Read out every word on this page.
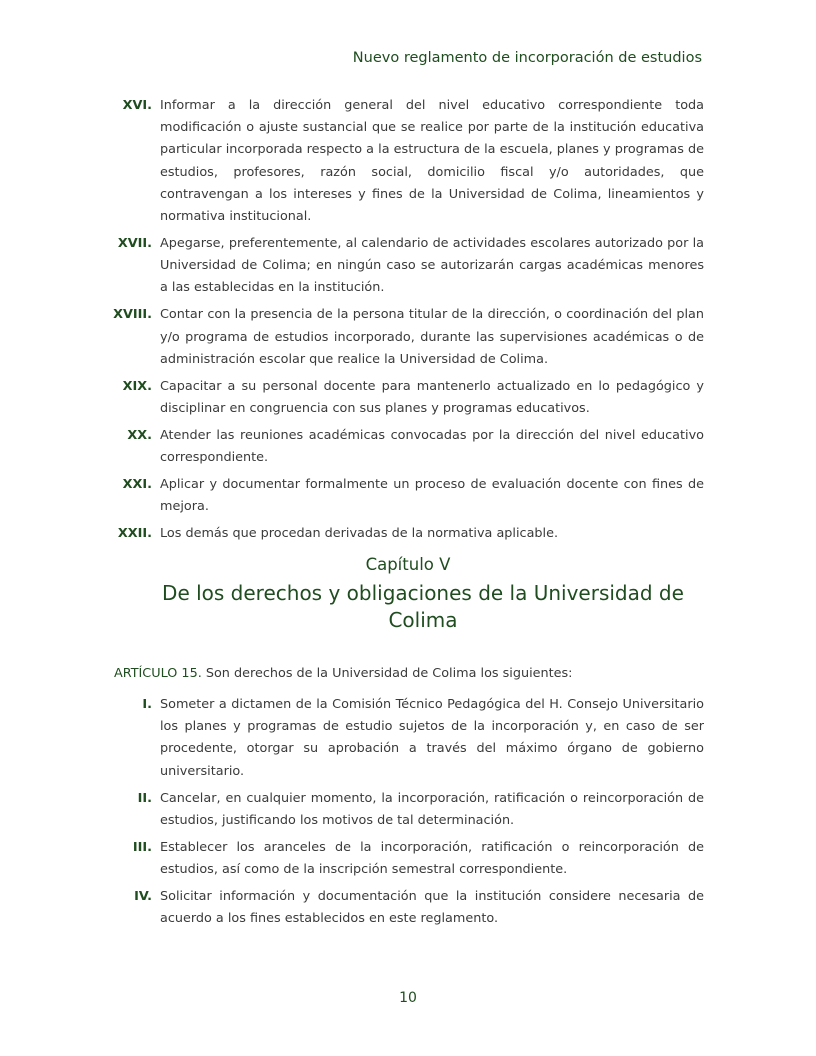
Nuevo reglamento de incorporación de estudios
XVI. Informar a la dirección general del nivel educativo correspondiente toda modificación o ajuste sustancial que se realice por parte de la institución educativa particular incorporada respecto a la estructura de la escuela, planes y programas de estudios, profesores, razón social, domicilio fiscal y/o autoridades, que contravengan a los intereses y fines de la Universidad de Colima, lineamientos y normativa institucional.
XVII. Apegarse, preferentemente, al calendario de actividades escolares autorizado por la Universidad de Colima; en ningún caso se autorizarán cargas académicas menores a las establecidas en la institución.
XVIII. Contar con la presencia de la persona titular de la dirección, o coordinación del plan y/o programa de estudios incorporado, durante las supervisiones académicas o de administración escolar que realice la Universidad de Colima.
XIX. Capacitar a su personal docente para mantenerlo actualizado en lo pedagógico y disciplinar en congruencia con sus planes y programas educativos.
XX. Atender las reuniones académicas convocadas por la dirección del nivel educativo correspondiente.
XXI. Aplicar y documentar formalmente un proceso de evaluación docente con fines de mejora.
XXII. Los demás que procedan derivadas de la normativa aplicable.
Capítulo V
De los derechos y obligaciones de la Universidad de Colima
ARTÍCULO 15. Son derechos de la Universidad de Colima los siguientes:
I. Someter a dictamen de la Comisión Técnico Pedagógica del H. Consejo Universitario los planes y programas de estudio sujetos de la incorporación y, en caso de ser procedente, otorgar su aprobación a través del máximo órgano de gobierno universitario.
II. Cancelar, en cualquier momento, la incorporación, ratificación o reincorporación de estudios, justificando los motivos de tal determinación.
III. Establecer los aranceles de la incorporación, ratificación o reincorporación de estudios, así como de la inscripción semestral correspondiente.
IV. Solicitar información y documentación que la institución considere necesaria de acuerdo a los fines establecidos en este reglamento.
10
